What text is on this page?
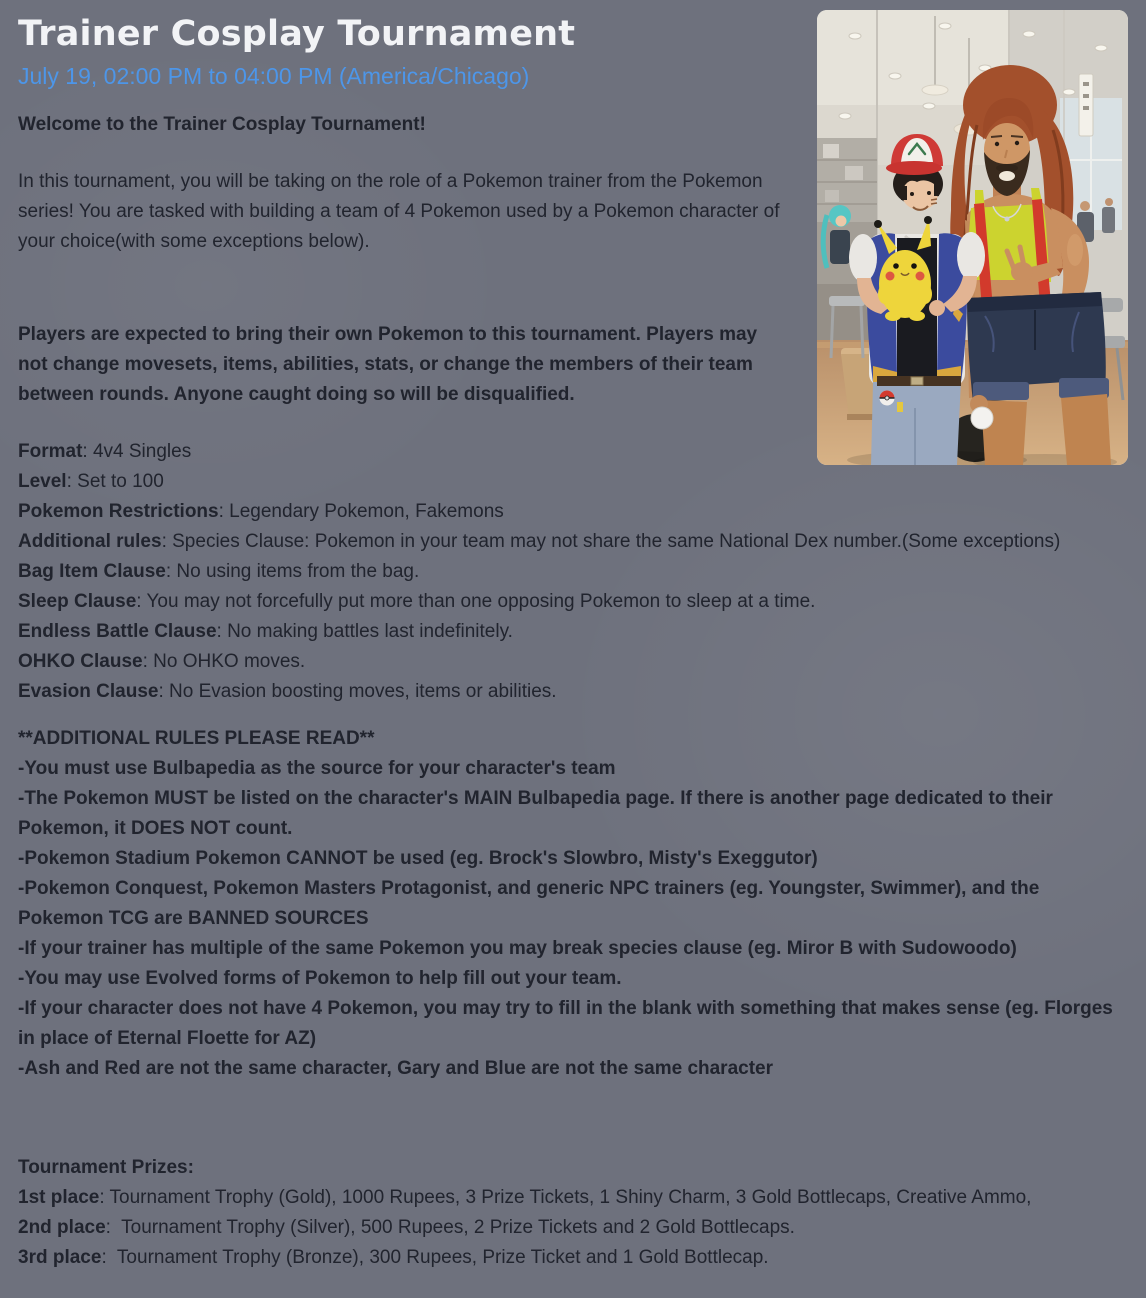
Trainer Cosplay Tournament
July 19, 02:00 PM to 04:00 PM (America/Chicago)

Welcome to the Trainer Cosplay Tournament!

In this tournament, you will be taking on the role of a Pokemon trainer from the Pokemon series! You are tasked with building a team of 4 Pokemon used by a Pokemon character of your choice(with some exceptions below).

Players are expected to bring their own Pokemon to this tournament. Players may not change movesets, items, abilities, stats, or change the members of their team between rounds. Anyone caught doing so will be disqualified.

Format: 4v4 Singles

Level: Set to 100

Pokemon Restrictions: Legendary Pokemon, Fakemons

Additional rules: Species Clause: Pokemon in your team may not share the same National Dex number.(Some exceptions)

Bag Item Clause: No using items from the bag.

Sleep Clause: You may not forcefully put more than one opposing Pokemon to sleep at a time.

Endless Battle Clause: No making battles last indefinitely.

OHKO Clause: No OHKO moves.

Evasion Clause: No Evasion boosting moves, items or abilities.

**ADDITIONAL RULES PLEASE READ**

-You must use Bulbapedia as the source for your character's team

-The Pokemon MUST be listed on the character's MAIN Bulbapedia page. If there is another page dedicated to their Pokemon, it DOES NOT count.

-Pokemon Stadium Pokemon CANNOT be used (eg. Brock's Slowbro, Misty's Exeggutor)

-Pokemon Conquest, Pokemon Masters Protagonist, and generic NPC trainers (eg. Youngster, Swimmer), and the Pokemon TCG are BANNED SOURCES

-If your trainer has multiple of the same Pokemon you may break species clause (eg. Miror B with Sudowoodo)

-You may use Evolved forms of Pokemon to help fill out your team.

-If your character does not have 4 Pokemon, you may try to fill in the blank with something that makes sense (eg. Florges in place of Eternal Floette for AZ)

-Ash and Red are not the same character, Gary and Blue are not the same character

Tournament Prizes:

1st place: Tournament Trophy (Gold), 1000 Rupees, 3 Prize Tickets, 1 Shiny Charm, 3 Gold Bottlecaps, Creative Ammo,

2nd place:  Tournament Trophy (Silver), 500 Rupees, 2 Prize Tickets and 2 Gold Bottlecaps.

3rd place:  Tournament Trophy (Bronze), 300 Rupees, Prize Ticket and 1 Gold Bottlecap.
